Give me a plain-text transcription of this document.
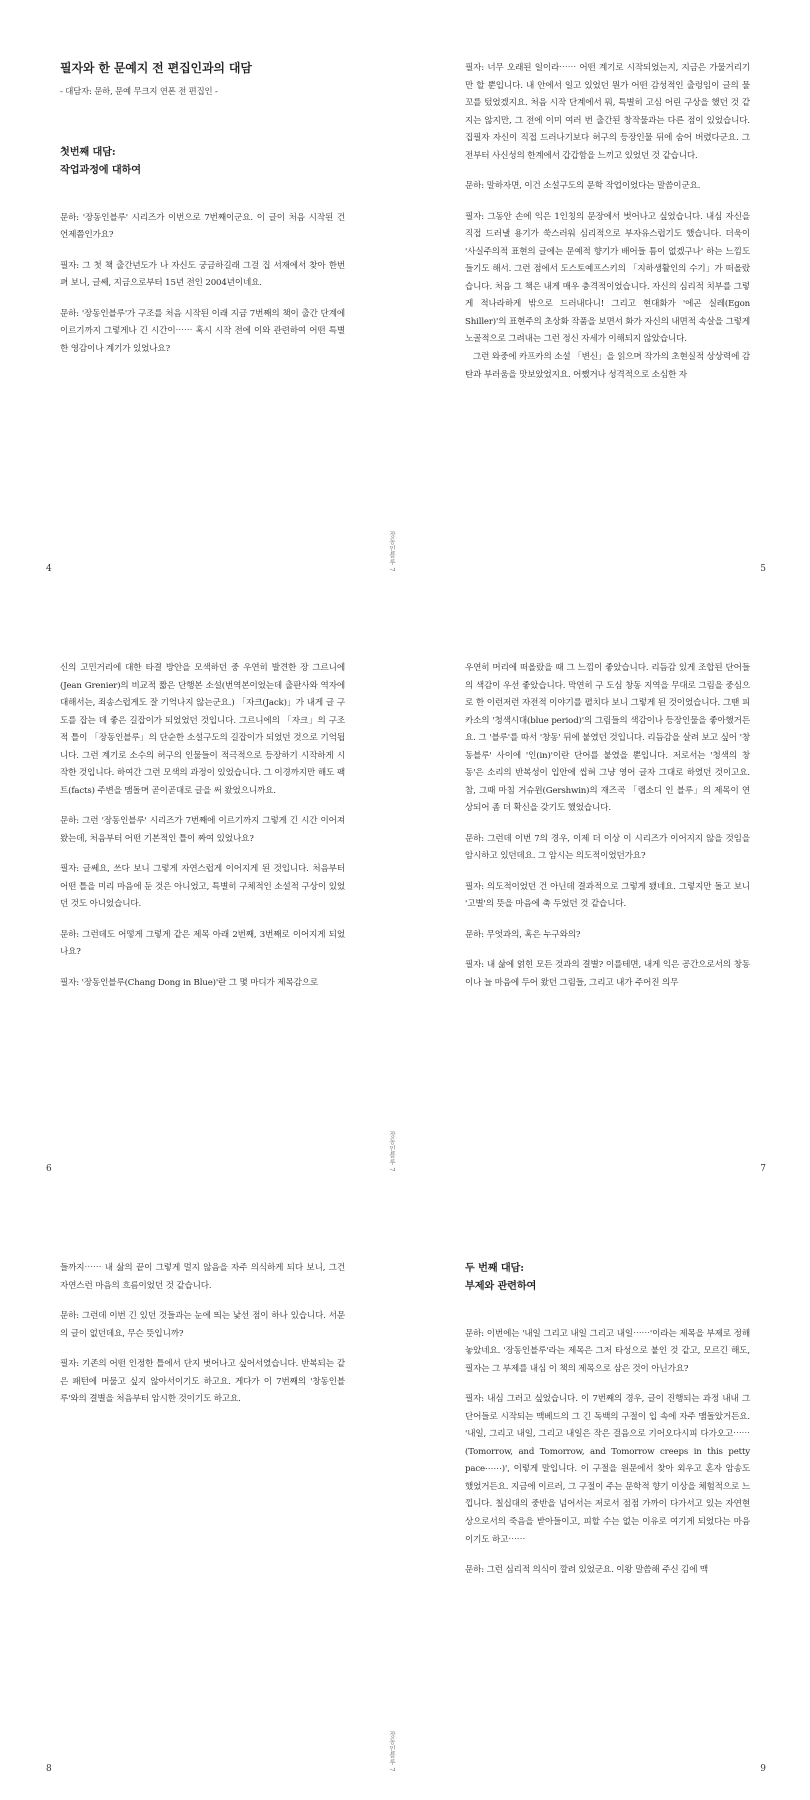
필자와 한 문예지 전 편집인과의 대담
- 대담자: 문하, 문예 무크지 연폰 전 편집인 -
첫번째 대담:
작업과정에 대하여

문하: '장동인블루' 시리즈가 이번으로 7번째이군요. 이 글이 처음 시작된 건 언제쯤인가요?

필자: 그 첫 책 출간년도가 나 자신도 궁금하길래 그걸 집 서재에서 찾아 한번 펴 보니, 글쎄, 지금으로부터 15년 전인 2004년이네요.

문하: '장동인블루'가 구조를 처음 시작된 이래 지금 7번째의 책이 출간 단계에 이르기까지 그렇게나 긴 시간이⋯⋯ 혹시 시작 전에 이와 관련하여 어떤 특별한 영감이나 계기가 있었나요?

4	장동인블루 7

필자: 너무 오래된 일이라⋯⋯ 어떤 계기로 시작되었는지, 지금은 가물거리기만 할 뿐입니다. 내 안에서 일고 있었던 뭔가 어떤 감성적인 출렁임이 글의 물꼬를 텄었겠지요. 처음 시작 단계에서 뭐, 특별히 고심 어린 구상을 했던 것 같지는 않지만, 그 전에 이미 여러 번 출간된 창작물과는 다른 점이 있었습니다. 집필자 자신이 직접 드러나기보다 허구의 등장인물 뒤에 숨어 버렸다군요. 그 전부터 사신성의 한계에서 갑갑함을 느끼고 있었던 것 같습니다.

문하: 말하자면, 이건 소설구도의 문학 작업이었다는 말씀이군요.

필자: 그동안 손에 익은 1인칭의 문장에서 벗어나고 싶었습니다. 내심 자신을 직접 드러낼 용기가 쑥스러워 심리적으로 부자유스럽기도 했습니다. 더욱이 '사실주의적 표현의 글에는 문예적 향기가 배어들 틈이 없겠구나' 하는 느낌도 들기도 해서. 그런 점에서 도스토예프스키의 「지하생활인의 수기」가 떠올랐습니다. 처음 그 책은 내게 매우 충격적이었습니다. 자신의 심리적 치부를 그렇게 적나라하게 밖으로 드러내다니! 그리고 현대화가 '에곤 실레(Egon Shiller)'의 표현주의 초상화 작품을 보면서 화가 자신의 내면적 속살을 그렇게 노골적으로 그려내는 그런 정신 자세가 이해되지 않았습니다.

그런 와중에 카프카의 소설 「변신」을 읽으며 작가의 초현실적 상상력에 감탄과 부러움을 맛보았었지요. 어쨌거나 성격적으로 소심한 자

5

신의 고민거리에 대한 타결 방안을 모색하던 중 우연히 발견한 장 그르니에(Jean Grenier)의 비교적 짧은 단행본 소설(번역본이었는데 출판사와 역자에 대해서는, 죄송스럽게도 잘 기억나지 않는군요.) 「자크(Jack)」가 내게 글 구도를 잡는 데 좋은 길잡이가 되었었던 것입니다. 그르니에의 「자크」의 구조적 틀이 「장동인블루」의 단순한 소설구도의 길잡이가 되었던 것으로 기억됩니다. 그런 계기로 소수의 허구의 인물들이 적극적으로 등장하기 시작하게 시작한 것입니다. 하여간 그런 모색의 과정이 있었습니다. 그 이경까지만 해도 팩트(facts) 주변을 맴돌며 곧이곧대로 글을 써 왔었으니까요.

문하: 그런 '장동인블루' 시리즈가 7번째에 이르기까지 그렇게 긴 시간 이어져 왔는데, 처음부터 어떤 기본적인 틀이 짜여 있었나요?

필자: 글쎄요, 쓰다 보니 그렇게 자연스럽게 이어지게 된 것입니다. 처음부터 어떤 틀을 미리 마음에 둔 것은 아니었고, 특별히 구체적인 소설적 구상이 있었던 것도 아니었습니다.

문하: 그런데도 어떻게 그렇게 같은 제목 아래 2번째, 3번째로 이어지게 되었나요?

필자: '장동인블루(Chang Dong in Blue)'란 그 몇 마디가 제목감으로

6	장동인블루 7

우연히 머리에 떠올랐을 때 그 느낌이 좋았습니다. 리듬감 있게 조합된 단어들의 색감이 우선 좋았습니다. 막연히 구 도심 창동 지역을 무대로 그림을 중심으로 한 이런저런 자전적 이야기를 펼치다 보니 그렇게 된 것이었습니다. 그땐 피카소의 '청색시대(blue period)'의 그림들의 색감이나 등장인물을 좋아했거든요. 그 '블루'를 따서 '창동' 뒤에 붙였던 것입니다. 리듬감을 살려 보고 싶어 '창동블루' 사이에 '인(in)'이란 단어를 붙였을 뿐입니다. 저로서는 '청색의 창동'은 소리의 반복성이 입안에 씹혀 그냥 영어 글자 그대로 하였던 것이고요. 참, 그때 마침 거슈윈(Gershwin)의 재즈곡 「랩소디 인 블루」의 제목이 연상되어 좀 더 확신을 갖기도 했었습니다.

문하: 그런데 이번 7의 경우, 이제 더 이상 이 시리즈가 이어지지 않을 것임을 암시하고 있던데요. 그 암시는 의도적이었던가요?

필자: 의도적이었던 건 아닌데 결과적으로 그렇게 됐네요. 그렇지만 돌고 보니 '고별'의 뜻을 마음에 축 두었던 것 같습니다.

문하: 무엇과의, 혹은 누구와의?

필자: 내 삶에 얽힌 모든 것과의 결별? 이를테면, 내게 익은 공간으로서의 창동이나 늘 마음에 두어 왔던 그림들, 그리고 내가 주어진 의무

7

들까지⋯⋯ 내 삶의 끝이 그렇게 멀지 않음을 자주 의식하게 되다 보니, 그건 자연스런 마음의 흐름이었던 것 같습니다.

문하: 그런데 이번 긴 있던 것들과는 눈에 띄는 낯선 점이 하나 있습니다. 서문의 글이 없던데요, 무슨 뜻입니까?

필자: 기존의 어떤 인정한 틀에서 단지 벗어나고 싶어서였습니다. 반복되는 같은 패턴에 머물고 싶지 않아서이기도 하고요. 게다가 이 7번째의 '창동인블루'와의 결별을 처음부터 암시한 것이기도 하고요.

8	장동인블루 7
두 번째 대담:
부제와 관련하여

문하: 이번에는 '내일 그리고 내일 그리고 내일⋯⋯'이라는 제목을 부제로 정해 놓았네요. '장동인블루'라는 제목은 그저 타성으로 붙인 것 같고, 모르긴 해도, 필자는 그 부제를 내심 이 책의 제목으로 삼은 것이 아닌가요?

필자: 내심 그러고 싶었습니다. 이 7번째의 경우, 글이 진행되는 과정 내내 그 단어들로 시작되는 맥베드의 그 긴 독백의 구절이 입 속에 자주 맴돌았거든요. '내일, 그리고 내일, 그리고 내일은 작은 걸음으로 기어오다시피 다가오고⋯⋯(Tomorrow, and Tomorrow, and Tomorrow creeps in this petty pace⋯⋯)', 이렇게 말입니다. 이 구절을 원문에서 찾아 외우고 혼자 암송도 했었거든요. 지금에 이르러, 그 구절이 주는 문학적 향기 이상을 체험적으로 느낍니다. 칠십대의 중반을 넘어서는 저로서 점점 가까이 다가서고 있는 자연현상으로서의 죽음을 받아들이고, 피할 수는 없는 이유로 여기게 되었다는 마음이기도 하고⋯⋯

문하: 그런 심리적 의식이 깔려 있었군요. 이왕 말씀해 주신 김에 맥

9
